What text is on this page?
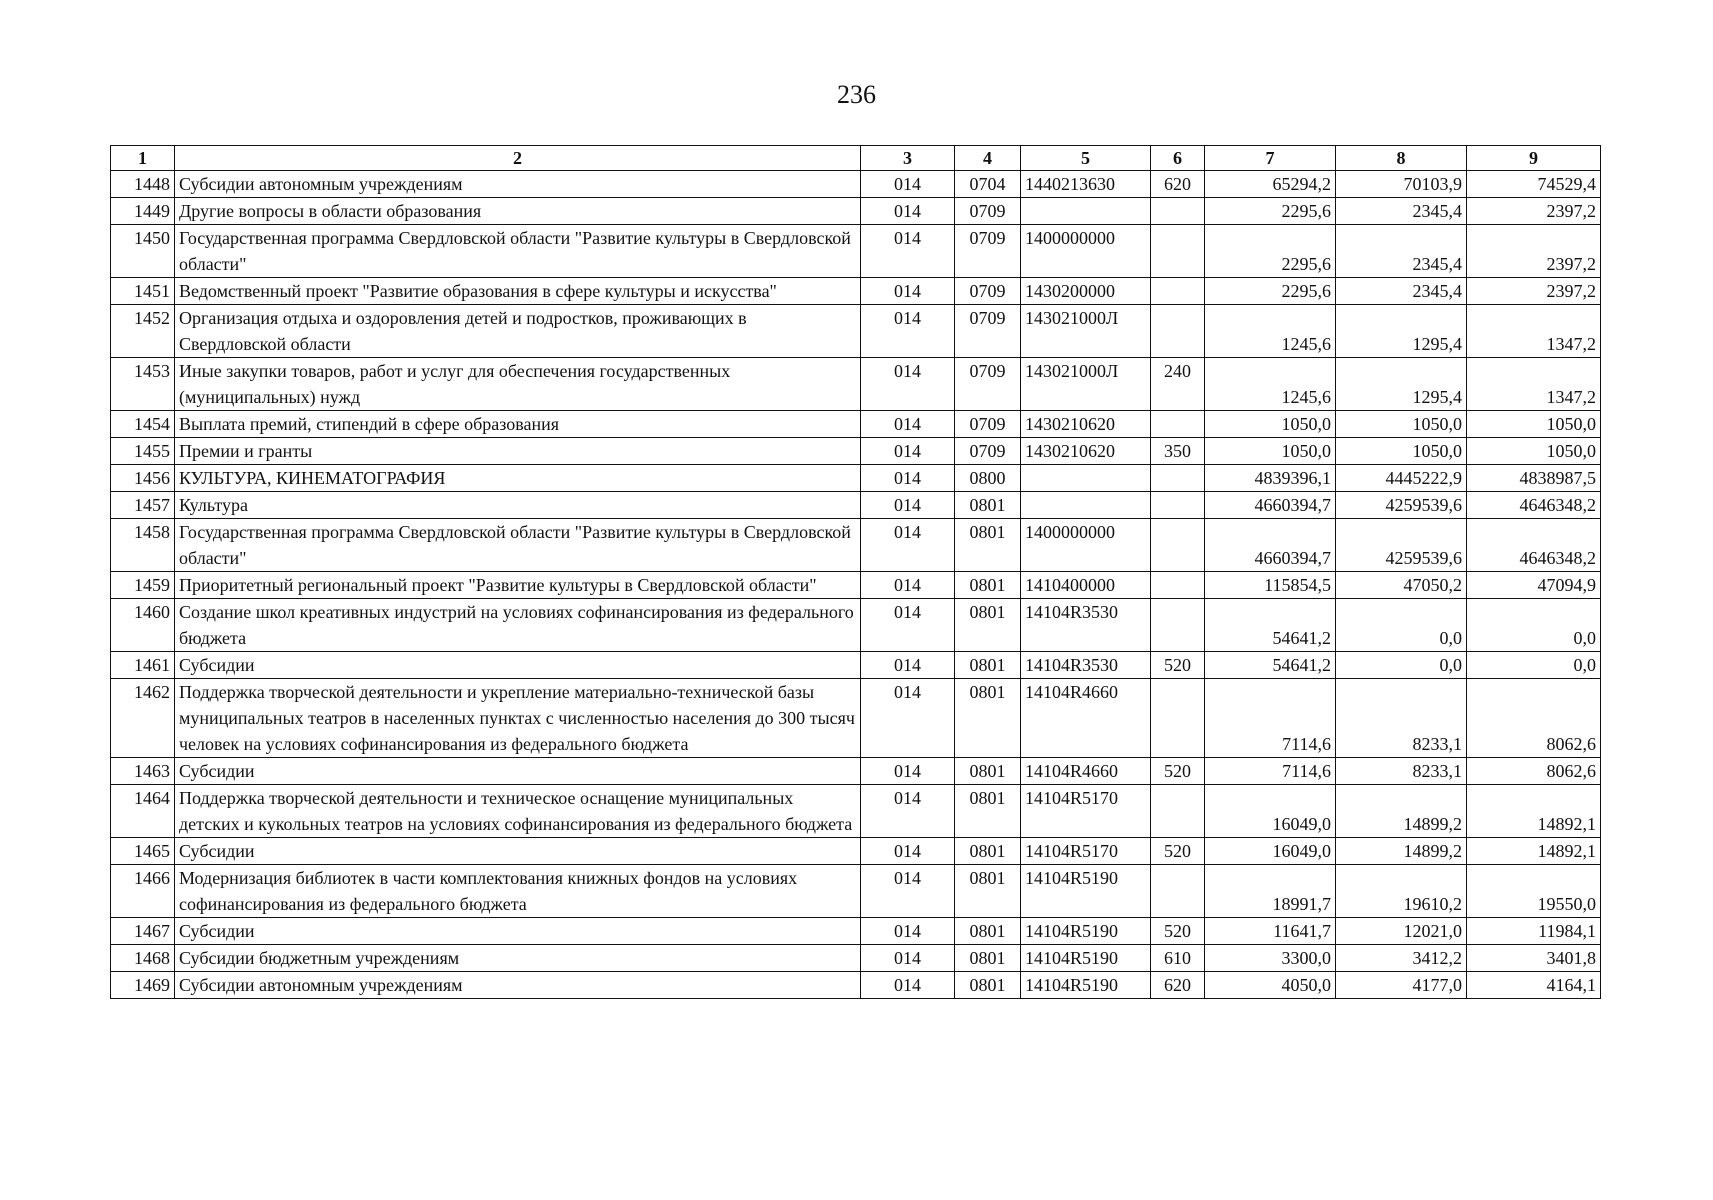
236
1	2	3	4	5	6	7	8	9
1448	Субсидии автономным учреждениям	014	0704	1440213630	620	65294,2	70103,9	74529,4
1449	Другие вопросы в области образования	014	0709			2295,6	2345,4	2397,2
1450	Государственная программа Свердловской области "Развитие культуры в Свердловской области"	014	0709	1400000000		2295,6	2345,4	2397,2
1451	Ведомственный проект "Развитие образования в сфере культуры и искусства"	014	0709	1430200000		2295,6	2345,4	2397,2
1452	Организация отдыха и оздоровления детей и подростков, проживающих в Свердловской области	014	0709	143021000Л		1245,6	1295,4	1347,2
1453	Иные закупки товаров, работ и услуг для обеспечения государственных (муниципальных) нужд	014	0709	143021000Л	240	1245,6	1295,4	1347,2
1454	Выплата премий, стипендий в сфере образования	014	0709	1430210620		1050,0	1050,0	1050,0
1455	Премии и гранты	014	0709	1430210620	350	1050,0	1050,0	1050,0
1456	КУЛЬТУРА, КИНЕМАТОГРАФИЯ	014	0800			4839396,1	4445222,9	4838987,5
1457	Культура	014	0801			4660394,7	4259539,6	4646348,2
1458	Государственная программа Свердловской области "Развитие культуры в Свердловской области"	014	0801	1400000000		4660394,7	4259539,6	4646348,2
1459	Приоритетный региональный проект "Развитие культуры в Свердловской области"	014	0801	1410400000		115854,5	47050,2	47094,9
1460	Создание школ креативных индустрий на условиях софинансирования из федерального бюджета	014	0801	14104R3530		54641,2	0,0	0,0
1461	Субсидии	014	0801	14104R3530	520	54641,2	0,0	0,0
1462	Поддержка творческой деятельности и укрепление материально-технической базы муниципальных театров в населенных пунктах с численностью населения до 300 тысяч человек на условиях софинансирования из федерального бюджета	014	0801	14104R4660		7114,6	8233,1	8062,6
1463	Субсидии	014	0801	14104R4660	520	7114,6	8233,1	8062,6
1464	Поддержка творческой деятельности и техническое оснащение муниципальных детских и кукольных театров на условиях софинансирования из федерального бюджета	014	0801	14104R5170		16049,0	14899,2	14892,1
1465	Субсидии	014	0801	14104R5170	520	16049,0	14899,2	14892,1
1466	Модернизация библиотек в части комплектования книжных фондов на условиях софинансирования из федерального бюджета	014	0801	14104R5190		18991,7	19610,2	19550,0
1467	Субсидии	014	0801	14104R5190	520	11641,7	12021,0	11984,1
1468	Субсидии бюджетным учреждениям	014	0801	14104R5190	610	3300,0	3412,2	3401,8
1469	Субсидии автономным учреждениям	014	0801	14104R5190	620	4050,0	4177,0	4164,1
